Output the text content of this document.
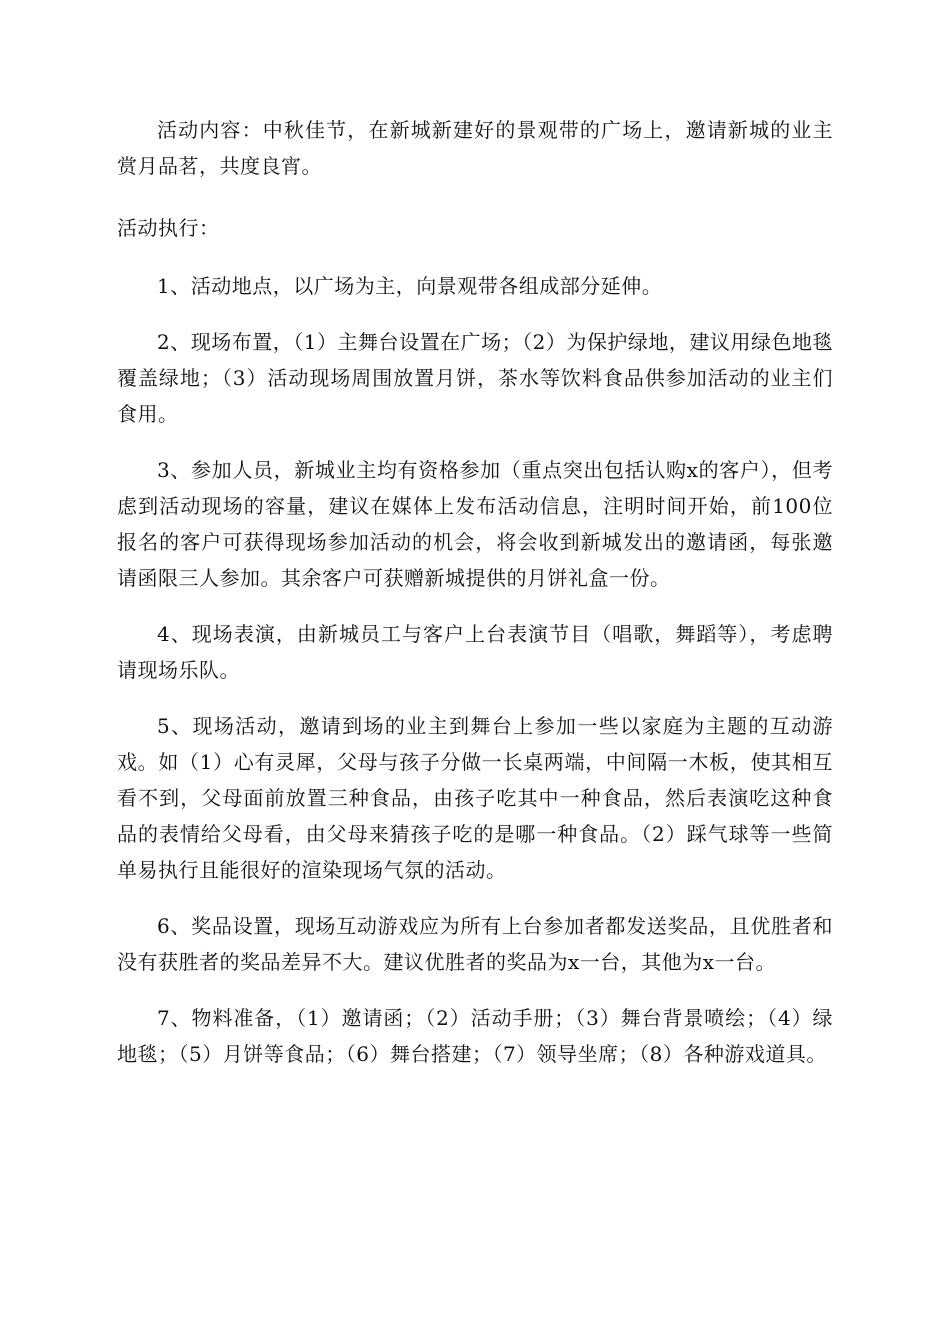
活动内容：中秋佳节，在新城新建好的景观带的广场上，邀请新城的业主赏月品茗，共度良宵。

活动执行：

1、活动地点，以广场为主，向景观带各组成部分延伸。

2、现场布置，（1）主舞台设置在广场；（2）为保护绿地，建议用绿色地毯覆盖绿地；（3）活动现场周围放置月饼，茶水等饮料食品供参加活动的业主们食用。

3、参加人员，新城业主均有资格参加（重点突出包括认购x的客户），但考虑到活动现场的容量，建议在媒体上发布活动信息，注明时间开始，前100位报名的客户可获得现场参加活动的机会，将会收到新城发出的邀请函，每张邀请函限三人参加。其余客户可获赠新城提供的月饼礼盒一份。

4、现场表演，由新城员工与客户上台表演节目（唱歌，舞蹈等），考虑聘请现场乐队。

5、现场活动，邀请到场的业主到舞台上参加一些以家庭为主题的互动游戏。如（1）心有灵犀，父母与孩子分做一长桌两端，中间隔一木板，使其相互看不到，父母面前放置三种食品，由孩子吃其中一种食品，然后表演吃这种食品的表情给父母看，由父母来猜孩子吃的是哪一种食品。（2）踩气球等一些简单易执行且能很好的渲染现场气氛的活动。

6、奖品设置，现场互动游戏应为所有上台参加者都发送奖品，且优胜者和没有获胜者的奖品差异不大。建议优胜者的奖品为x一台，其他为x一台。

7、物料准备，（1）邀请函；（2）活动手册；（3）舞台背景喷绘；（4）绿地毯；（5）月饼等食品；（6）舞台搭建；（7）领导坐席；（8）各种游戏道具。
